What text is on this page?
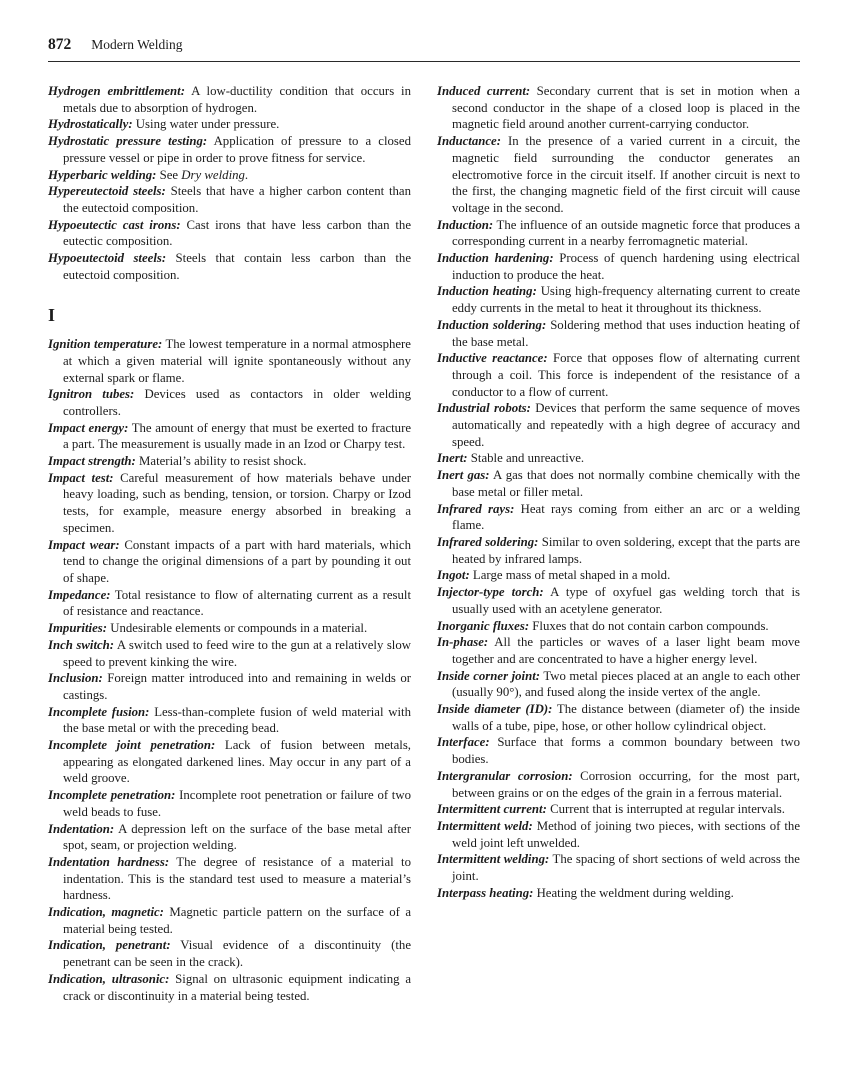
872 Modern Welding

Hydrogen embrittlement: A low-ductility condition that occurs in metals due to absorption of hydrogen.

Hydrostatically: Using water under pressure.

Hydrostatic pressure testing: Application of pressure to a closed pressure vessel or pipe in order to prove fitness for service.

Hyperbaric welding: See Dry welding.

Hypereutectoid steels: Steels that have a higher carbon content than the eutectoid composition.

Hypoeutectic cast irons: Cast irons that have less carbon than the eutectic composition.

Hypoeutectoid steels: Steels that contain less carbon than the eutectoid composition.

I

Ignition temperature: The lowest temperature in a normal atmosphere at which a given material will ignite spontaneously without any external spark or flame.

Ignitron tubes: Devices used as contactors in older welding controllers.

Impact energy: The amount of energy that must be exerted to fracture a part. The measurement is usually made in an Izod or Charpy test.

Impact strength: Material’s ability to resist shock.

Impact test: Careful measurement of how materials behave under heavy loading, such as bending, tension, or torsion. Charpy or Izod tests, for example, measure energy absorbed in breaking a specimen.

Impact wear: Constant impacts of a part with hard materials, which tend to change the original dimensions of a part by pounding it out of shape.

Impedance: Total resistance to flow of alternating current as a result of resistance and reactance.

Impurities: Undesirable elements or compounds in a material.

Inch switch: A switch used to feed wire to the gun at a relatively slow speed to prevent kinking the wire.

Inclusion: Foreign matter introduced into and remaining in welds or castings.

Incomplete fusion: Less-than-complete fusion of weld material with the base metal or with the preceding bead.

Incomplete joint penetration: Lack of fusion between metals, appearing as elongated darkened lines. May occur in any part of a weld groove.

Incomplete penetration: Incomplete root penetration or failure of two weld beads to fuse.

Indentation: A depression left on the surface of the base metal after spot, seam, or projection welding.

Indentation hardness: The degree of resistance of a material to indentation. This is the standard test used to measure a material’s hardness.

Indication, magnetic: Magnetic particle pattern on the surface of a material being tested.

Indication, penetrant: Visual evidence of a discontinuity (the penetrant can be seen in the crack).

Indication, ultrasonic: Signal on ultrasonic equipment indicating a crack or discontinuity in a material being tested.

Induced current: Secondary current that is set in motion when a second conductor in the shape of a closed loop is placed in the magnetic field around another current-carrying conductor.

Inductance: In the presence of a varied current in a circuit, the magnetic field surrounding the conductor generates an electromotive force in the circuit itself. If another circuit is next to the first, the changing magnetic field of the first circuit will cause voltage in the second.

Induction: The influence of an outside magnetic force that produces a corresponding current in a nearby ferromagnetic material.

Induction hardening: Process of quench hardening using electrical induction to produce the heat.

Induction heating: Using high-frequency alternating current to create eddy currents in the metal to heat it throughout its thickness.

Induction soldering: Soldering method that uses induction heating of the base metal.

Inductive reactance: Force that opposes flow of alternating current through a coil. This force is independent of the resistance of a conductor to a flow of current.

Industrial robots: Devices that perform the same sequence of moves automatically and repeatedly with a high degree of accuracy and speed.

Inert: Stable and unreactive.

Inert gas: A gas that does not normally combine chemically with the base metal or filler metal.

Infrared rays: Heat rays coming from either an arc or a welding flame.

Infrared soldering: Similar to oven soldering, except that the parts are heated by infrared lamps.

Ingot: Large mass of metal shaped in a mold.

Injector-type torch: A type of oxyfuel gas welding torch that is usually used with an acetylene generator.

Inorganic fluxes: Fluxes that do not contain carbon compounds.

In-phase: All the particles or waves of a laser light beam move together and are concentrated to have a higher energy level.

Inside corner joint: Two metal pieces placed at an angle to each other (usually 90°), and fused along the inside vertex of the angle.

Inside diameter (ID): The distance between (diameter of) the inside walls of a tube, pipe, hose, or other hollow cylindrical object.

Interface: Surface that forms a common boundary between two bodies.

Intergranular corrosion: Corrosion occurring, for the most part, between grains or on the edges of the grain in a ferrous material.

Intermittent current: Current that is interrupted at regular intervals.

Intermittent weld: Method of joining two pieces, with sections of the weld joint left unwelded.

Intermittent welding: The spacing of short sections of weld across the joint.

Interpass heating: Heating the weldment during welding.
